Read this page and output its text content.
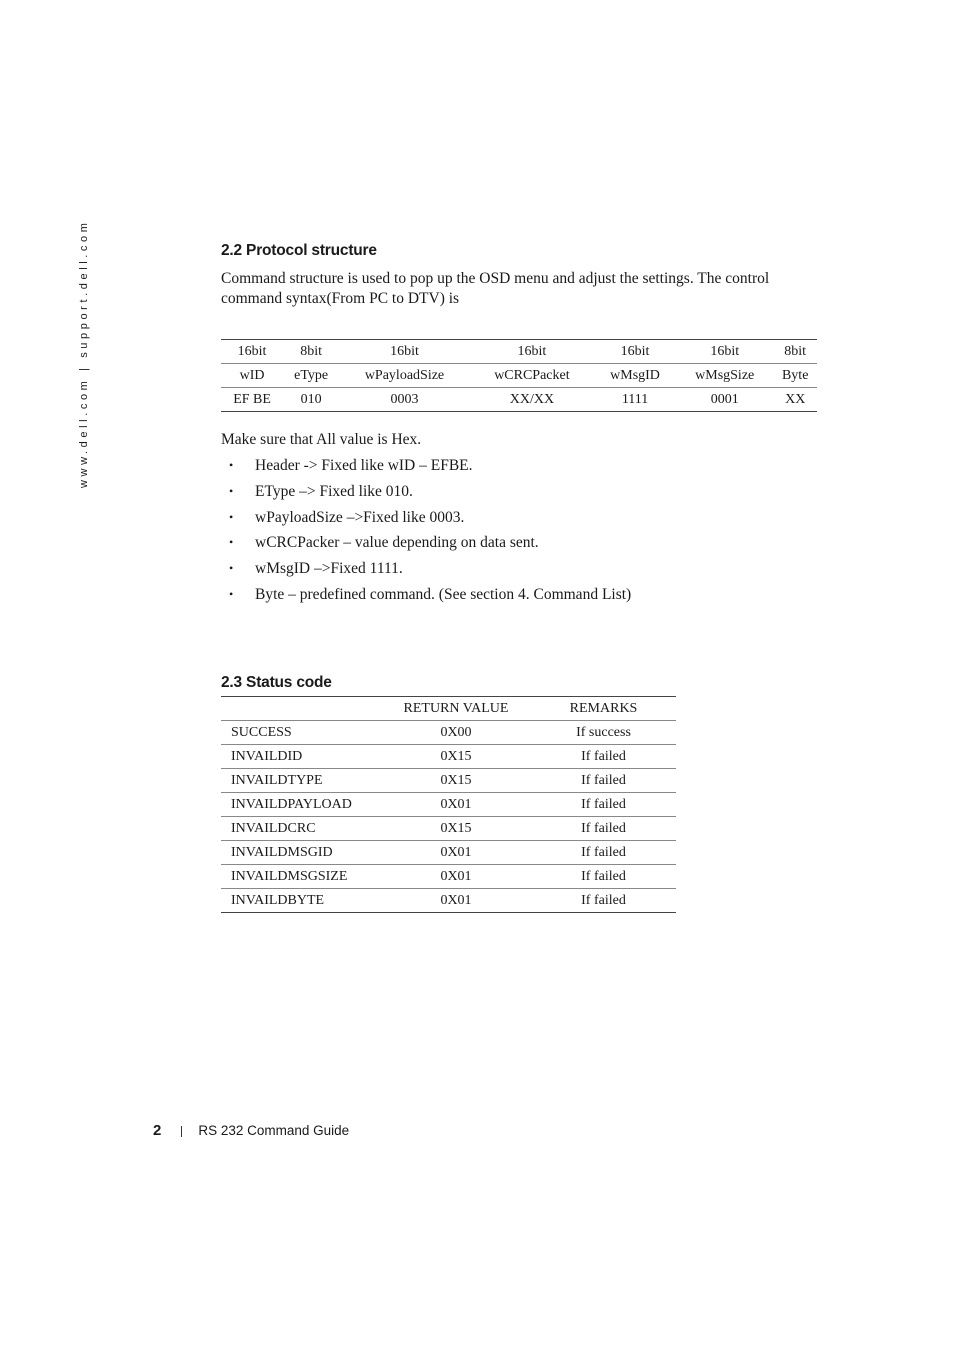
www.dell.com | support.dell.com	2.2 Protocol structure
Command structure is used to pop up the OSD menu and adjust the settings. The control command syntax(From PC to DTV) is
16bit	8bit	16bit	16bit	16bit	16bit	8bit
wID	eType	wPayloadSize	wCRCPacket	wMsgID	wMsgSize	Byte
EF BE	010	0003	XX/XX	1111	0001	XX
Make sure that All value is Hex.
• Header -> Fixed like wID – EFBE.
• EType –> Fixed like 010.
• wPayloadSize –>Fixed like 0003.
• wCRCPacker – value depending on data sent.
• wMsgID –>Fixed 1111.
• Byte – predefined command. (See section 4. Command List)
2.3 Status code
	RETURN VALUE	REMARKS
SUCCESS	0X00	If success
INVAILDID	0X15	If failed
INVAILDTYPE	0X15	If failed
INVAILDPAYLOAD	0X01	If failed
INVAILDCRC	0X15	If failed
INVAILDMSGID	0X01	If failed
INVAILDMSGSIZE	0X01	If failed
INVAILDBYTE	0X01	If failed
2	RS 232 Command Guide
